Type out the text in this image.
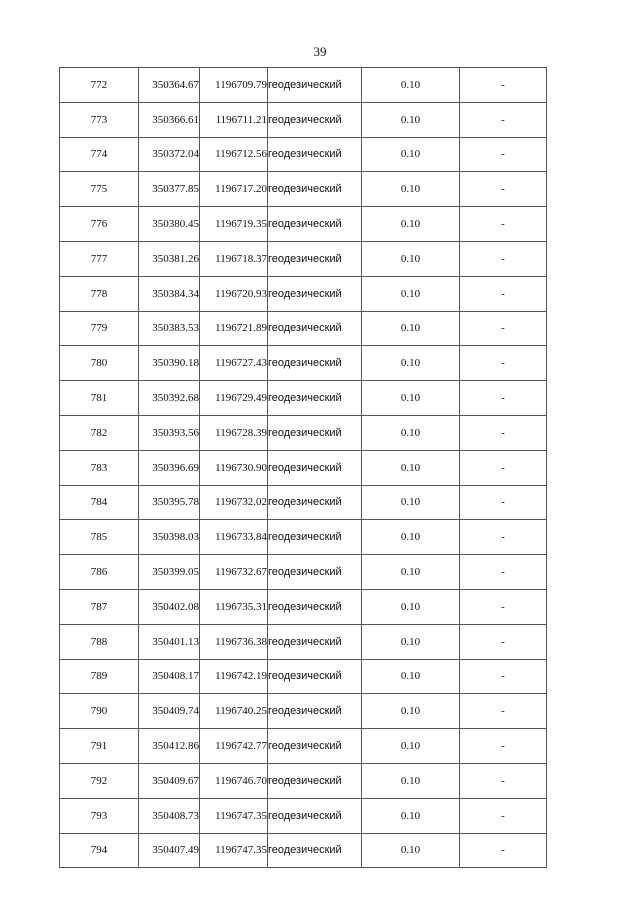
39
772	350364.67	1196709.79	геодезический	0.10	-
773	350366.61	1196711.21	геодезический	0.10	-
774	350372.04	1196712.56	геодезический	0.10	-
775	350377.85	1196717.20	геодезический	0.10	-
776	350380.45	1196719.35	геодезический	0.10	-
777	350381.26	1196718.37	геодезический	0.10	-
778	350384.34	1196720.93	геодезический	0.10	-
779	350383.53	1196721.89	геодезический	0.10	-
780	350390.18	1196727.43	геодезический	0.10	-
781	350392.68	1196729.49	геодезический	0.10	-
782	350393.56	1196728.39	геодезический	0.10	-
783	350396.69	1196730.90	геодезический	0.10	-
784	350395.78	1196732.02	геодезический	0.10	-
785	350398.03	1196733.84	геодезический	0.10	-
786	350399.05	1196732.67	геодезический	0.10	-
787	350402.08	1196735.31	геодезический	0.10	-
788	350401.13	1196736.38	геодезический	0.10	-
789	350408.17	1196742.19	геодезический	0.10	-
790	350409.74	1196740.25	геодезический	0.10	-
791	350412.86	1196742.77	геодезический	0.10	-
792	350409.67	1196746.70	геодезический	0.10	-
793	350408.73	1196747.35	геодезический	0.10	-
794	350407.49	1196747.35	геодезический	0.10	-
